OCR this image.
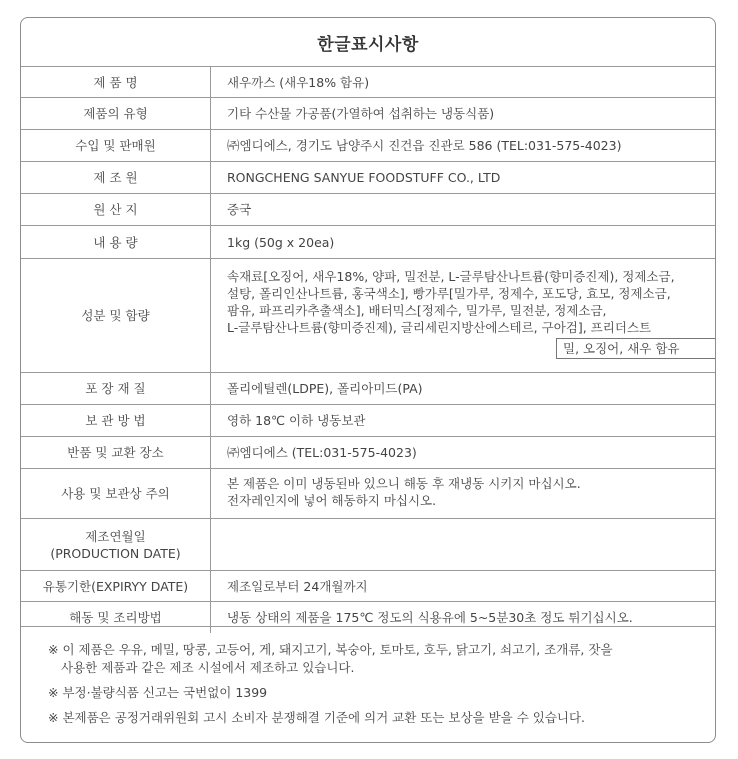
한글표시사항
제 품 명	새우까스 (새우18% 함유)
제품의 유형	기타 수산물 가공품(가열하여 섭취하는 냉동식품)
수입 및 판매원	㈜엠디에스, 경기도 남양주시 진건읍 진관로 586 (TEL:031-575-4023)
제 조 원	RONGCHENG SANYUE FOODSTUFF CO., LTD
원 산 지	중국
내 용 량	1kg (50g x 20ea)
성분 및 함량	속재료[오징어, 새우18%, 양파, 밀전분, L-글루탐산나트륨(향미증진제), 정제소금,
설탕, 폴리인산나트륨, 홍국색소], 빵가루[밀가루, 정제수, 포도당, 효모, 정제소금,
팜유, 파프리카추출색소], 배터믹스[정제수, 밀가루, 밀전분, 정제소금,
L-글루탐산나트륨(향미증진제), 글리세린지방산에스테르, 구아검], 프리더스트
밀, 오징어, 새우 함유

포 장 재 질	폴리에틸렌(LDPE), 폴리아미드(PA)
보 관 방 법	영하 18℃ 이하 냉동보관
반품 및 교환 장소	㈜엠디에스 (TEL:031-575-4023)
사용 및 보관상 주의	본 제품은 이미 냉동된바 있으니 해동 후 재냉동 시키지 마십시오.
전자레인지에 넣어 해동하지 마십시오.

제조연월일
(PRODUCTION DATE)	

유통기한(EXPIRYY DATE)	제조일로부터 24개월까지
해동 및 조리방법	냉동 상태의 제품을 175℃ 정도의 식용유에 5~5분30초 정도 튀기십시오.
※ 이 제품은 우유, 메밀, 땅콩, 고등어, 게, 돼지고기, 복숭아, 토마토, 호두, 닭고기, 쇠고기, 조개류, 잣을
사용한 제품과 같은 제조 시설에서 제조하고 있습니다.
※ 부정·불량식품 신고는 국번없이 1399
※ 본제품은 공정거래위원회 고시 소비자 분쟁해결 기준에 의거 교환 또는 보상을 받을 수 있습니다.
